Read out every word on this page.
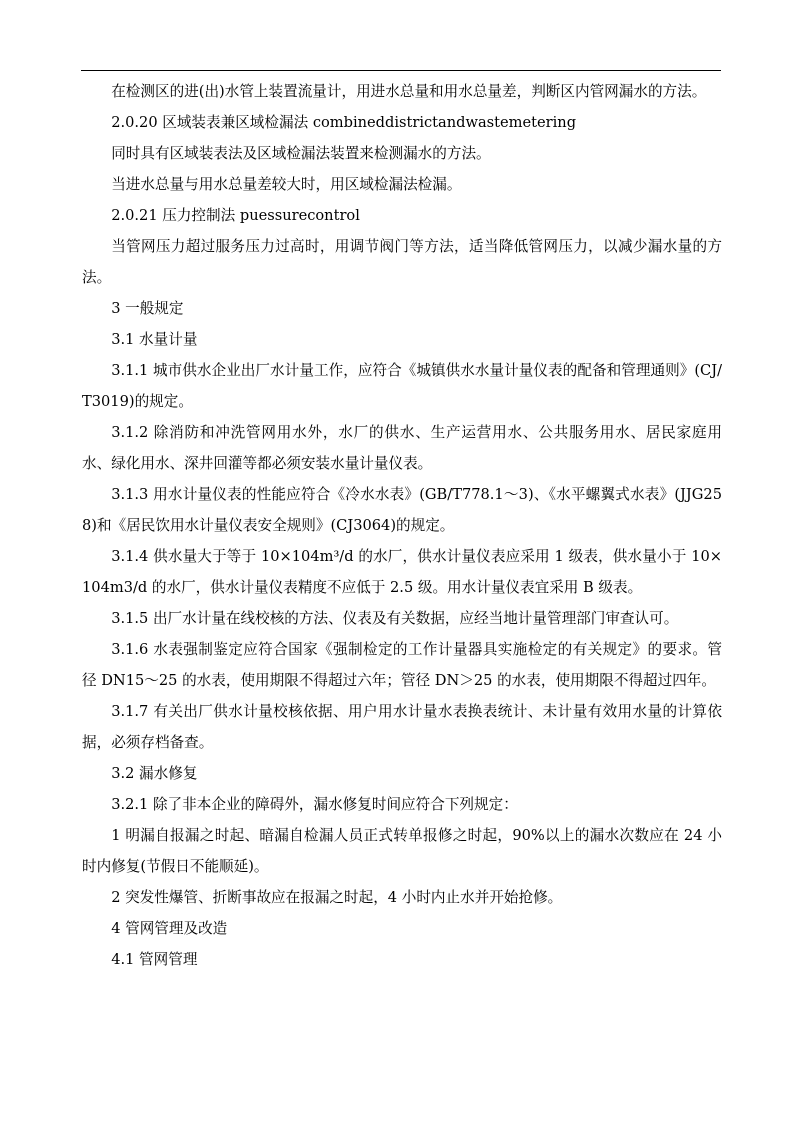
在检测区的进(出)水管上装置流量计，用进水总量和用水总量差，判断区内管网漏水的方法。

2.0.20 区域装表兼区域检漏法 combineddistrictandwastemetering

同时具有区域装表法及区域检漏法装置来检测漏水的方法。

当进水总量与用水总量差较大时，用区域检漏法检漏。

2.0.21 压力控制法 puessurecontrol

当管网压力超过服务压力过高时，用调节阀门等方法，适当降低管网压力，以减少漏水量的方法。

3 一般规定

3.1 水量计量

3.1.1 城市供水企业出厂水计量工作，应符合《城镇供水水量计量仪表的配备和管理通则》(CJ/T3019)的规定。

3.1.2 除消防和冲洗管网用水外，水厂的供水、生产运营用水、公共服务用水、居民家庭用水、绿化用水、深井回灌等都必须安装水量计量仪表。

3.1.3 用水计量仪表的性能应符合《冷水水表》(GB/T778.1～3)、《水平螺翼式水表》(JJG258)和《居民饮用水计量仪表安全规则》(CJ3064)的规定。

3.1.4 供水量大于等于 10×104m³/d 的水厂，供水计量仪表应采用 1 级表，供水量小于 10×104m3/d 的水厂，供水计量仪表精度不应低于 2.5 级。用水计量仪表宜采用 B 级表。

3.1.5 出厂水计量在线校核的方法、仪表及有关数据，应经当地计量管理部门审查认可。

3.1.6 水表强制鉴定应符合国家《强制检定的工作计量器具实施检定的有关规定》的要求。管径 DN15～25 的水表，使用期限不得超过六年；管径 DN＞25 的水表，使用期限不得超过四年。

3.1.7 有关出厂供水计量校核依据、用户用水计量水表换表统计、未计量有效用水量的计算依据，必须存档备查。

3.2 漏水修复

3.2.1 除了非本企业的障碍外，漏水修复时间应符合下列规定：

1 明漏自报漏之时起、暗漏自检漏人员正式转单报修之时起，90%以上的漏水次数应在 24 小时内修复(节假日不能顺延)。

2 突发性爆管、折断事故应在报漏之时起，4 小时内止水并开始抢修。

4 管网管理及改造

4.1 管网管理
